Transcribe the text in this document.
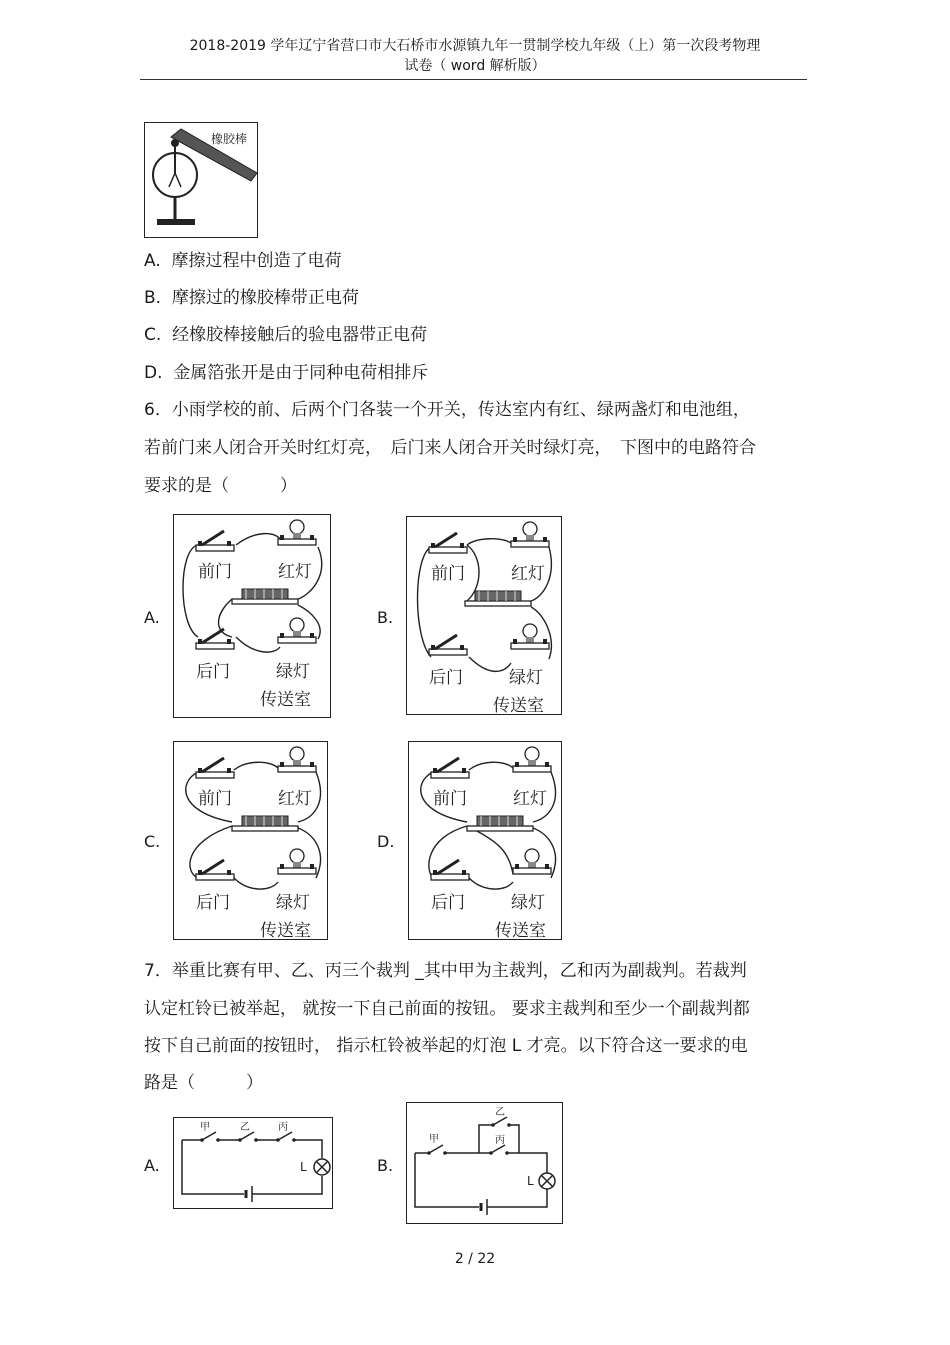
2018-2019 学年辽宁省营口市大石桥市水源镇九年一贯制学校九年级（上）第一次段考物理
试卷（ word 解析版）
橡胶棒
A. 摩擦过程中创造了电荷
B. 摩擦过的橡胶棒带正电荷
C. 经橡胶棒接触后的验电器带正电荷
D. 金属箔张开是由于同种电荷相排斥
6．小雨学校的前、后两个门各装一个开关，传达室内有红、绿两盏灯和电池组，
若前门来人闭合开关时红灯亮，　后门来人闭合开关时绿灯亮，　下图中的电路符合
要求的是（　　　）
A.	B.
C.	D.
前门	红灯
后门	绿灯
传送室
前门	红灯
后门	绿灯
传送室
前门	红灯
后门	绿灯
传送室
前门	红灯
后门	绿灯
传送室
7．举重比赛有甲、乙、丙三个裁判 _其中甲为主裁判，乙和丙为副裁判。若裁判
认定杠铃已被举起， 就按一下自己前面的按钮。 要求主裁判和至少一个副裁判都
按下自己前面的按钮时， 指示杠铃被举起的灯泡 L 才亮。以下符合这一要求的电
路是（　　　）
A.	B.
甲	乙	丙
L
甲
乙
丙
L
2 / 22
